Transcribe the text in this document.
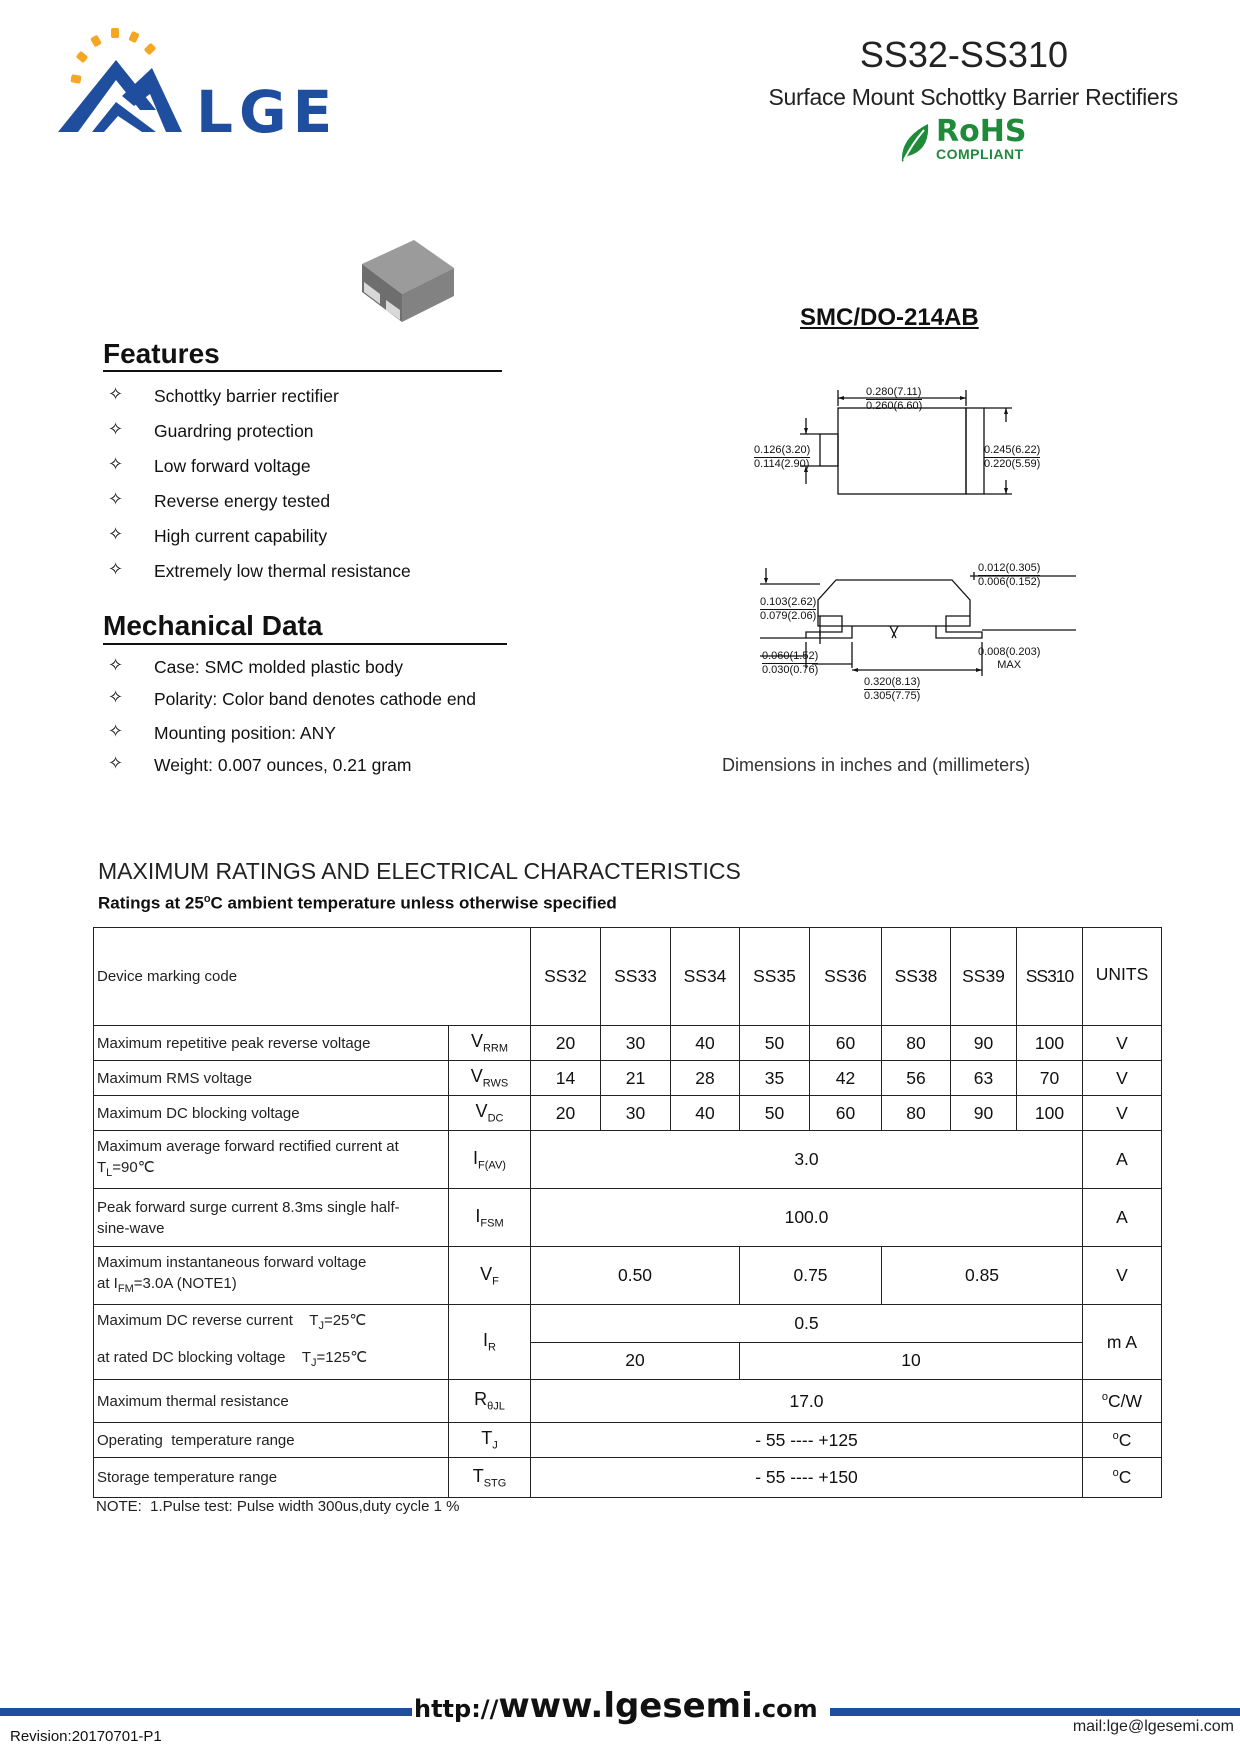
LGE
SS32-SS310
Surface Mount Schottky Barrier Rectifiers
RoHS
COMPLIANT
SMC/DO-214AB
0.280(7.11)
0.260(6.60)
0.126(3.20)
0.114(2.90)
0.245(6.22)
0.220(5.59)
0.012(0.305)
0.006(0.152)
0.103(2.62)
0.079(2.06)
0.060(1.52)
0.030(0.76)
0.008(0.203)
MAX
0.320(8.13)
0.305(7.75)
Dimensions in inches and (millimeters)
Features
✧ Schottky barrier rectifier
✧ Guardring protection
✧ Low forward voltage
✧ Reverse energy tested
✧ High current capability
✧ Extremely low thermal resistance
Mechanical Data
✧ Case: SMC molded plastic body
✧ Polarity: Color band denotes cathode end
✧ Mounting position: ANY
✧ Weight: 0.007 ounces, 0.21 gram
MAXIMUM RATINGS AND ELECTRICAL CHARACTERISTICS
Ratings at 25$^o$C ambient temperature unless otherwise specified
Device marking code		SS32	SS33	SS34	SS35	SS36	SS38	SS39	SS310	UNITS
Maximum repetitive peak reverse voltage	$V_{RRM}$	20	30	40	50	60	80	90	100	V
Maximum RMS voltage	$V_{RWS}$	14	21	28	35	42	56	63	70	V
Maximum DC blocking voltage	$V_{DC}$	20	30	40	50	60	80	90	100	V

Maximum average forward rectified current at
$T_L=90℃$	$I_{F(AV)}$	3.0								A

Peak forward surge current 8.3ms single half-
sine-wave	$I_{FSM}$	100.0								A

Maximum instantaneous forward voltage
at $I_{FM}=3.0A$ (NOTE1)	$V_F$	0.50			0.75		0.85			V

Maximum DC reverse current    $T_J=25℃$
at rated DC blocking voltage    $T_J=125℃$	$I_R$	0.5								m A
		20			10					
Maximum thermal resistance	$R_{\theta JL}$	17.0								$^o$C/W
Operating  temperature range	$T_J$	- 55 ---- +125								$^o$C
Storage temperature range	$T_{STG}$	- 55 ---- +150								$^o$C
NOTE:  1.Pulse test: Pulse width 300us,duty cycle 1 %
http://www.lgesemi.com
Revision:20170701-P1
mail:lge@lgesemi.com
